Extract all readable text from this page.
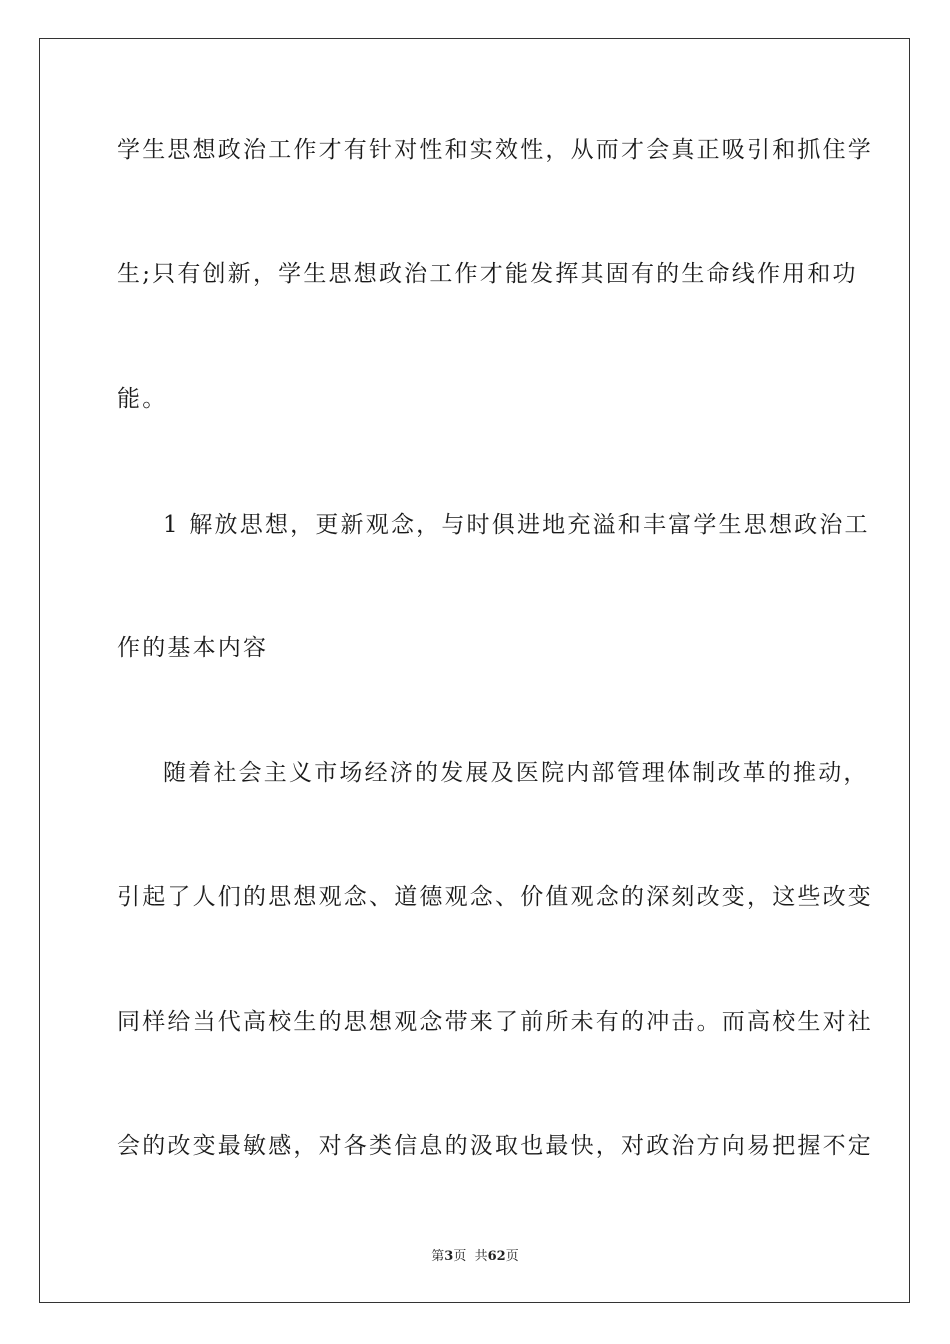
学生思想政治工作才有针对性和实效性，从而才会真正吸引和抓住学
生;只有创新，学生思想政治工作才能发挥其固有的生命线作用和功
能。
1 解放思想，更新观念，与时俱进地充溢和丰富学生思想政治工
作的基本内容
随着社会主义市场经济的发展及医院内部管理体制改革的推动，
引起了人们的思想观念、道德观念、价值观念的深刻改变，这些改变
同样给当代高校生的思想观念带来了前所未有的冲击。而高校生对社
会的改变最敏感，对各类信息的汲取也最快，对政治方向易把握不定
第3页  共62页
